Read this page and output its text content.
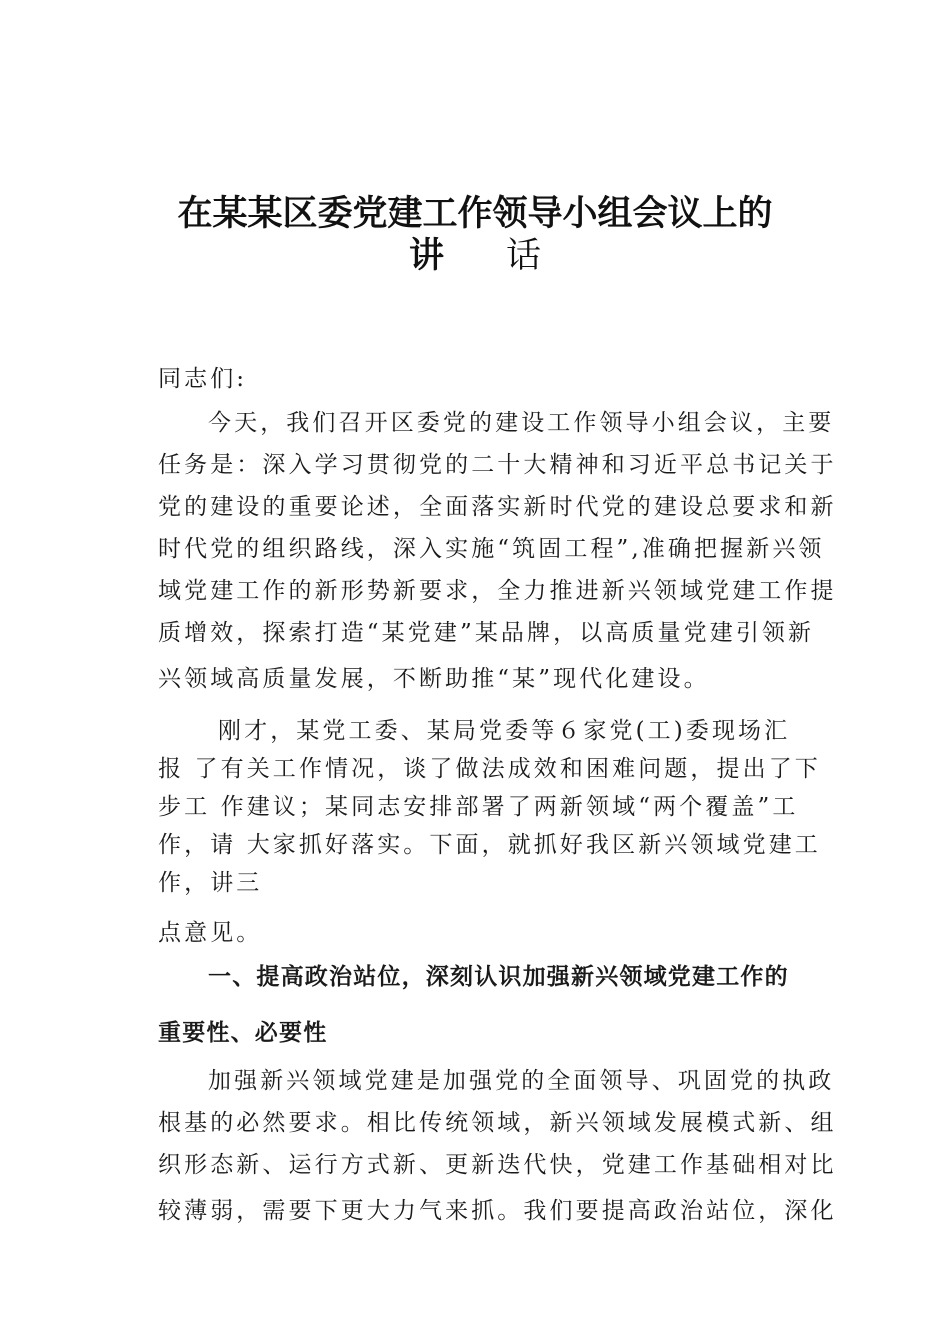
在某某区委党建工作领导小组会议上的
讲 话
同志们:
今天，我们召开区委党的建设工作领导小组会议，主要
任务是：深入学习贯彻党的二十大精神和习近平总书记关于
党的建设的重要论述，全面落实新时代党的建设总要求和新
时代党的组织路线，深入实施“筑固工程”,准确把握新兴领
域党建工作的新形势新要求，全力推进新兴领域党建工作提
质增效，探索打造“某党建”某品牌，以高质量党建引领新
兴领域高质量发展，不断助推“某”现代化建设。
刚才，某党工委、某局党委等６家党(工)委现场汇
报 了有关工作情况，谈了做法成效和困难问题，提出了下
步工 作建议；某同志安排部署了两新领域“两个覆盖”工
作，请 大家抓好落实。下面，就抓好我区新兴领域党建工
作，讲三
点意见。
一、提高政治站位，深刻认识加强新兴领域党建工作的
重要性、必要性
加强新兴领域党建是加强党的全面领导、巩固党的执政
根基的必然要求。相比传统领域，新兴领域发展模式新、组
织形态新、运行方式新、更新迭代快，党建工作基础相对比
较薄弱，需要下更大力气来抓。我们要提高政治站位，深化
